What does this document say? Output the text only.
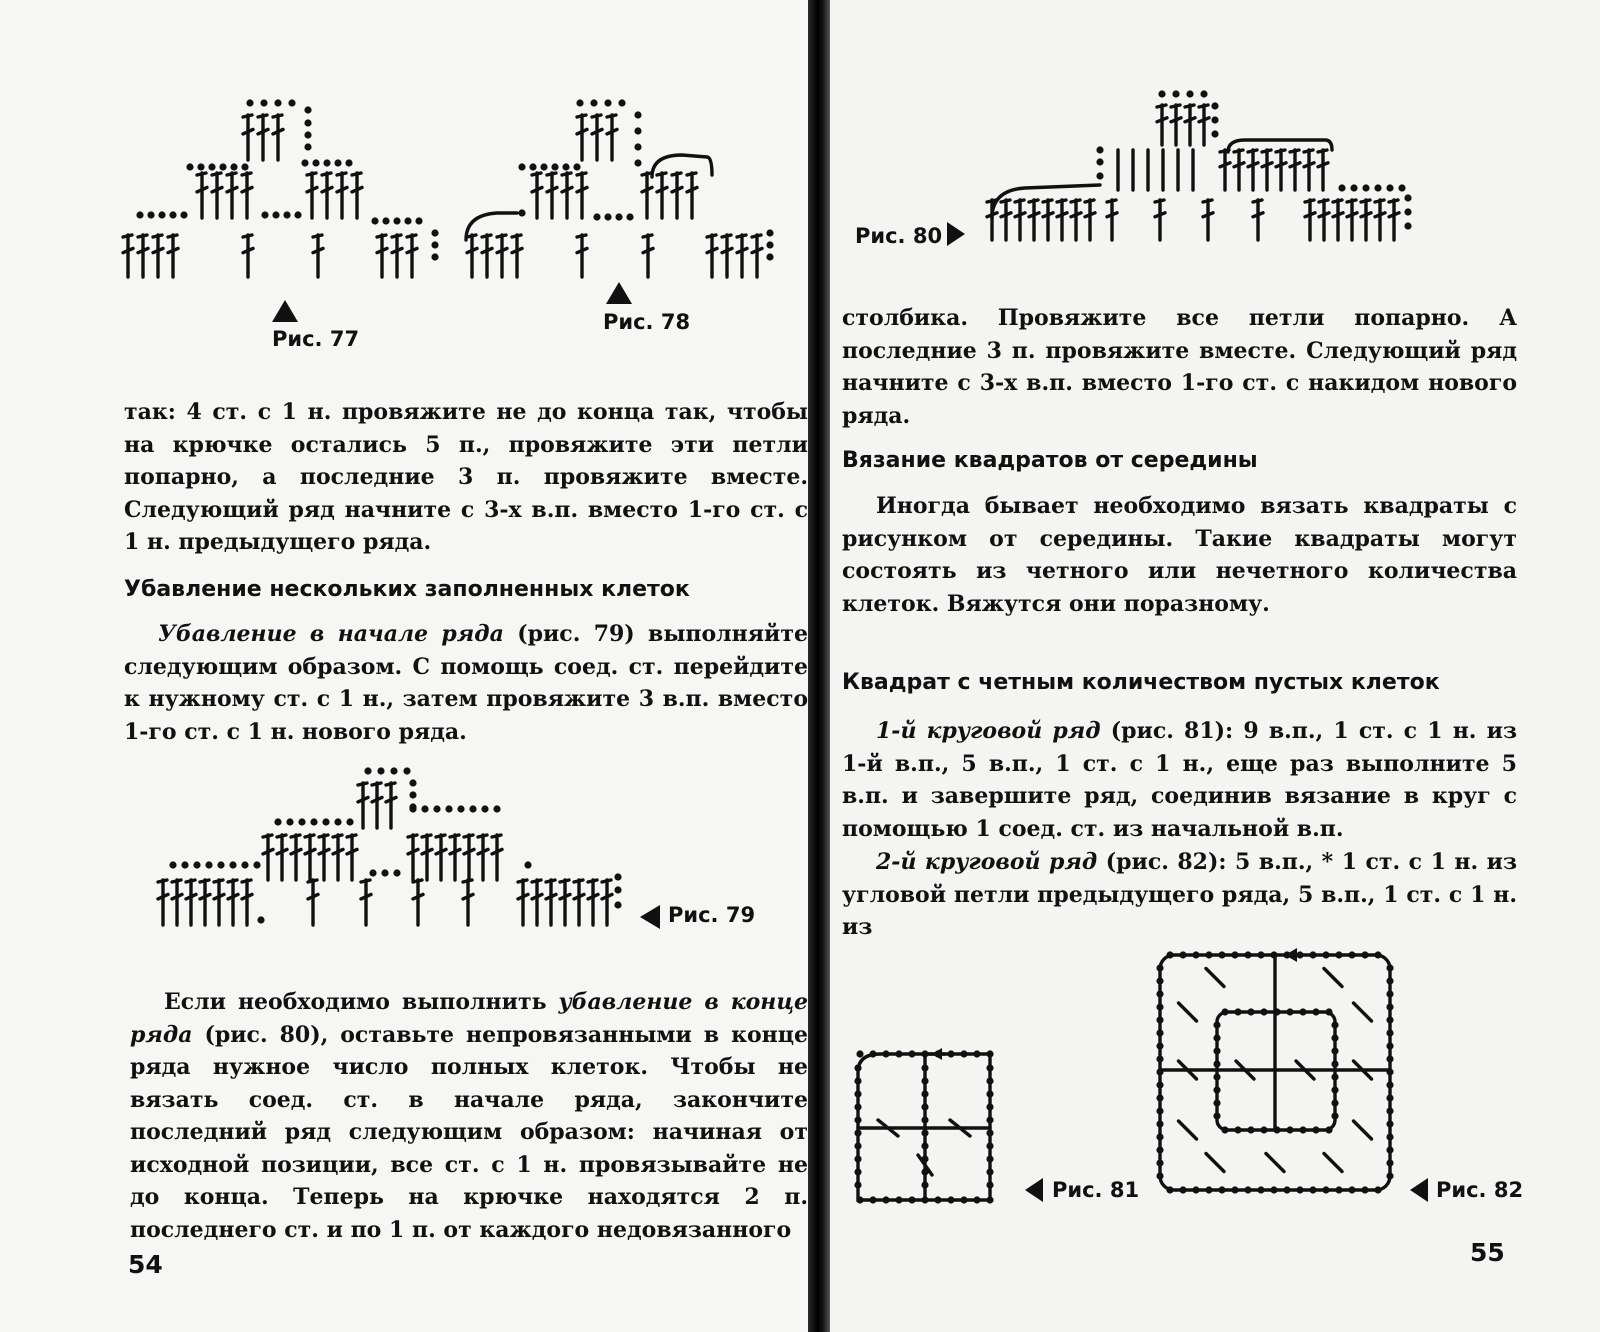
Рис. 77
Рис. 78

так: 4 ст. с 1 н. провяжите не до конца так, чтобы на крючке остались 5 п., провяжите эти петли попарно, а последние 3 п. провяжите вместе. Следующий ряд начните с 3-х в.п. вместо 1-го ст. с 1 н. предыдущего ряда.

Убавление нескольких заполненных клеток

Убавление в начале ряда (рис. 79) выполняйте следующим образом. С помощь соед. ст. перейдите к нужному ст. с 1 н., затем провяжите 3 в.п. вместо 1-го ст. с 1 н. нового ряда.

Рис. 79

Если необходимо выполнить убавление в конце ряда (рис. 80), оставьте непровязанными в конце ряда нужное число полных клеток. Чтобы не вязать соед. ст. в начале ряда, закончите последний ряд следующим образом: начиная от исходной позиции, все ст. с 1 н. провязывайте не до конца. Теперь на крючке находятся 2 п. последнего ст. и по 1 п. от каждого недовязанного

54
Рис. 80

столбика. Провяжите все петли попарно. А последние 3 п. провяжите вместе. Следующий ряд начните с 3-х в.п. вместо 1-го ст. с накидом нового ряда.

Вязание квадратов от середины

Иногда бывает необходимо вязать квадраты с рисунком от середины. Такие квадраты могут состоять из четного или нечетного количества клеток. Вяжутся они поразному.

Квадрат с четным количеством пустых клеток

1-й круговой ряд (рис. 81): 9 в.п., 1 ст. с 1 н. из 1-й в.п., 5 в.п., 1 ст. с 1 н., еще раз выполните 5 в.п. и завершите ряд, соединив вязание в круг с помощью 1 соед. ст. из начальной в.п.

2-й круговой ряд (рис. 82): 5 в.п., * 1 ст. с 1 н. из угловой петли предыдущего ряда, 5 в.п., 1 ст. с 1 н. из

Рис. 81	Рис. 82
55
